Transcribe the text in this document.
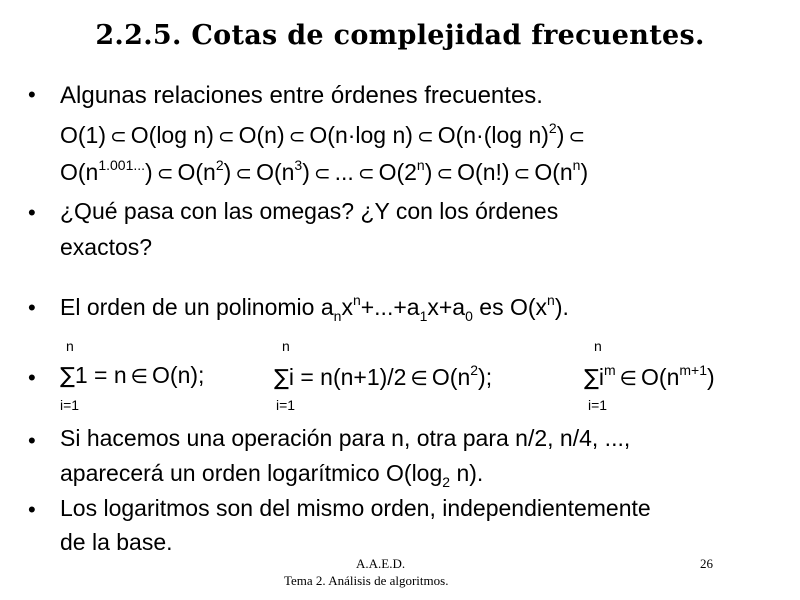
2.2.5. Cotas de complejidad frecuentes.
• Algunas relaciones entre órdenes frecuentes.
O(1) ⊂ O(log n) ⊂ O(n) ⊂ O(n·log n) ⊂ O(n·(log n)$^2$) ⊂
$O(n^{1.001...})$ ⊂ $O(n^2)$ ⊂ $O(n^3)$ ⊂ ... ⊂ O(2$^n$) ⊂ O(n!) ⊂ $O(n^n)$
• ¿Qué pasa con las omegas? ¿Y con los órdenes
exactos?
• El orden de un polinomio $a_nx^n+...+a_1x+a_0$ es $O(x^n)$.
n	n	n
• ∑1 = n ∈ O(n);	∑i = n(n+1)/2 ∈ $O(n^2)$;	$\sum i^m$ ∈ $O(n^{m+1})$
i=1	i=1	i=1
• Si hacemos una operación para n, otra para n/2, n/4, ...,
aparecerá un orden logarítmico $O(\log_2$ n).
• Los logaritmos son del mismo orden, independientemente
de la base.
A.A.E.D.
Tema 2. Análisis de algoritmos.
26
